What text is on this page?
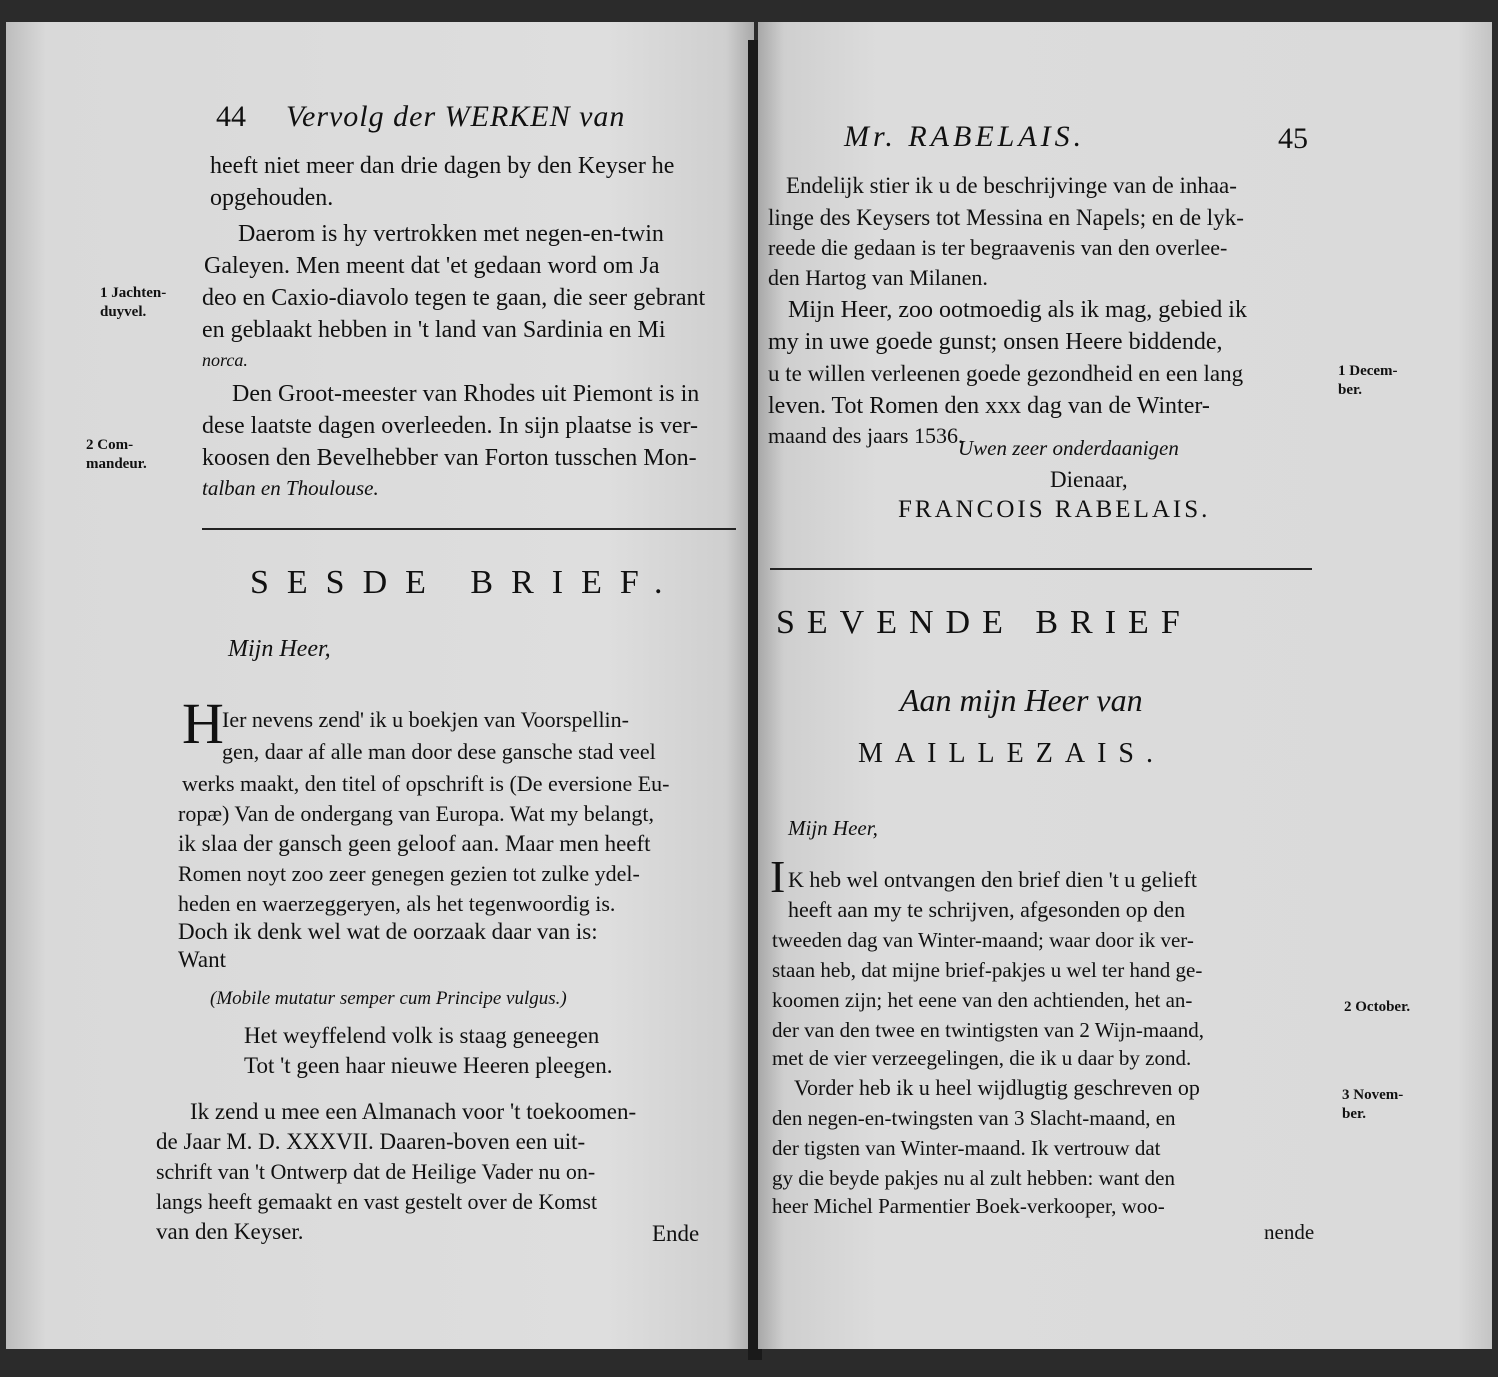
44 Vervolg der WERKEN van
heeft niet meer dan drie dagen by den Keyser he
opgehouden.
Daerom is hy vertrokken met negen-en-twin
Galeyen. Men meent dat 'et gedaan word om Ja
deo en Caxio-diavolo tegen te gaan, die seer gebrant
en geblaakt hebben in 't land van Sardinia en Mi
norca.
Den Groot-meester van Rhodes uit Piemont is in
dese laatste dagen overleeden. In sijn plaatse is ver-
koosen den Bevelhebber van Forton tusschen Mon-
talban en Thoulouse.
1 Jachten-
duyvel.
2 Com-
mandeur.
SESDE BRIEF.
Mijn Heer,
H
Ier nevens zend' ik u boekjen van Voorspellin-
gen, daar af alle man door dese gansche stad veel
werks maakt, den titel of opschrift is (De eversione Eu-
ropæ) Van de ondergang van Europa. Wat my belangt,
ik slaa der gansch geen geloof aan. Maar men heeft
Romen noyt zoo zeer genegen gezien tot zulke ydel-
heden en waerzeggeryen, als het tegenwoordig is.
Doch ik denk wel wat de oorzaak daar van is:
Want
(Mobile mutatur semper cum Principe vulgus.)
Het weyffelend volk is staag geneegen
Tot 't geen haar nieuwe Heeren pleegen.
Ik zend u mee een Almanach voor 't toekoomen-
de Jaar M. D. XXXVII. Daaren-boven een uit-
schrift van 't Ontwerp dat de Heilige Vader nu on-
langs heeft gemaakt en vast gestelt over de Komst
van den Keyser.	Ende
Mr. RABELAIS.	45
Endelijk stier ik u de beschrijvinge van de inhaa-
linge des Keysers tot Messina en Napels; en de lyk-
reede die gedaan is ter begraavenis van den overlee-
den Hartog van Milanen.
Mijn Heer, zoo ootmoedig als ik mag, gebied ik
my in uwe goede gunst; onsen Heere biddende,
u te willen verleenen goede gezondheid en een lang
leven. Tot Romen den xxx dag van de Winter-
maand des jaars 1536.
Uwen zeer onderdaanigen
Dienaar,
FRANCOIS RABELAIS.
SEVENDE BRIEF
Aan mijn Heer van
MAILLEZAIS.
Mijn Heer,
I K heb wel ontvangen den brief dien 't u gelieft
heeft aan my te schrijven, afgesonden op den
tweeden dag van Winter-maand; waar door ik ver-
staan heb, dat mijne brief-pakjes u wel ter hand ge-
koomen zijn; het eene van den achtienden, het an-
der van den twee en twintigsten van 2 Wijn-maand,
met de vier verzeegelingen, die ik u daar by zond.
Vorder heb ik u heel wijdlugtig geschreven op
den negen-en-twingsten van 3 Slacht-maand, en
der tigsten van Winter-maand. Ik vertrouw dat
gy die beyde pakjes nu al zult hebben: want den
heer Michel Parmentier Boek-verkooper, woo-
nende
1 Decem-
ber.
2 October.
3 Novem-
ber.
